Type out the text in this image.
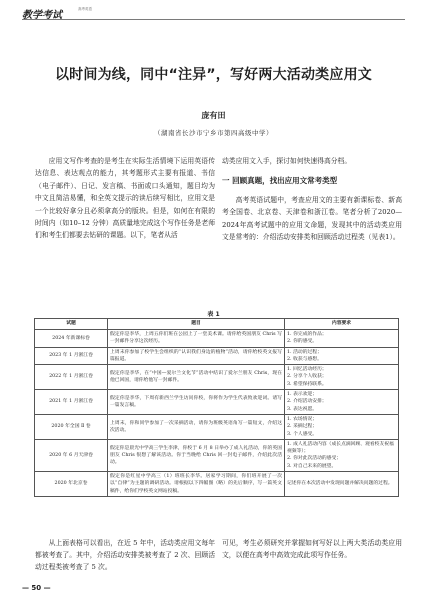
教学考试
高考英语
以时间为线，同中“注异”，写好两大活动类应用文
庞有田
（湖南省长沙市宁乡市第四高级中学）

应用文写作考查的是考生在实际生活情境下运用英语传达信息、表达观点的能力，其考题形式主要有报道、书信（电子邮件）、日记、发言稿、书面或口头通知，题目均为中文且简洁易懂，和全英文提示的读后续写相比，应用文是一个比较好拿分且必须拿高分的版块。但是，如何在有限的时间内（如10–12 分钟）高质量地完成这个写作任务是老师们和考生们都要去钻研的课题。以下，笔者从活

动类应用文入手，探讨如何快速得高分档。

一 回顾真题，找出应用文常考类型

高考英语试题中，考查应用文的主要有新课标卷、新高考全国卷、北京卷、天津卷和浙江卷。笔者分析了2020—2024年高考试题中的应用文命题，发现其中的活动类应用文是常考的：介绍活动安排类和回顾活动过程类（见表1）。

表 1
试题	题目	内容要求
2024 年新课标卷	假定你是李华，上周五你们班在公园上了一堂美术课。请你给英国朋友 Chris 写一封邮件分享这次经历。	1. 你完成的作品；
2. 你的感受。

2023 年 1 月浙江卷	上周末你参加了校学生会组织的“认识我们身边的植物”活动，请你给校英文报写篇报道。	1. 活动的过程；
2. 收获与感想。

2022 年 1 月浙江卷	假定你是李华，在“中国—爱尔兰文化节”活动中结识了爱尔兰朋友 Chris，现在他已回国，请你给他写一封邮件。	1. 回忆活动经历；
2. 分享个人收获；
3. 希望保持联系。

2021 年 1 月浙江卷	假定你是李华，下周有新西兰学生访问你校，你将作为学生代表致欢迎词。请写一篇发言稿。	1. 表示欢迎；
2. 介绍活动安排；
3. 表达祝愿。

2020 年全国 Ⅱ 卷	上周末，你和同学参加了一次采摘活动，请你为班级英语角写一篇短文，介绍这次活动。	1. 农场情况；
2. 采摘过程；
3. 个人感受。

2020 年 6 月天津卷	假定你是晨光中学高三学生李津，你校于 6 月 8 日举办了成人礼活动，你的英国朋友 Chris 很想了解该活动。你于当晚给 Chris 回一封电子邮件，介绍此次活动。	1. 成人礼活动内容（成长点滴回顾、观看校友祝福视频等）；
2. 你对此次活动的感受；
3. 对自己未来的展望。

2020 年北京卷	假定你是红星中学高三（1）班班长李华。居家学习期间，你们班开展了一次以“自律”为主题的调研活动。请根据以下四幅图（略）的先后顺序，写一篇英文稿件，给你们学校英文网站投稿。	记述你在本次活动中发现问题并解决问题的过程。

从上面表格可以看出，在近 5 年中，活动类应用文每年都被考查了。其中，介绍活动安排类被考查了 2 次、回顾活动过程类被考查了 5 次。

可见，考生必须研究并掌握如何写好以上两大类活动类应用文，以便在高考中高效完成此项写作任务。

— 50 —
